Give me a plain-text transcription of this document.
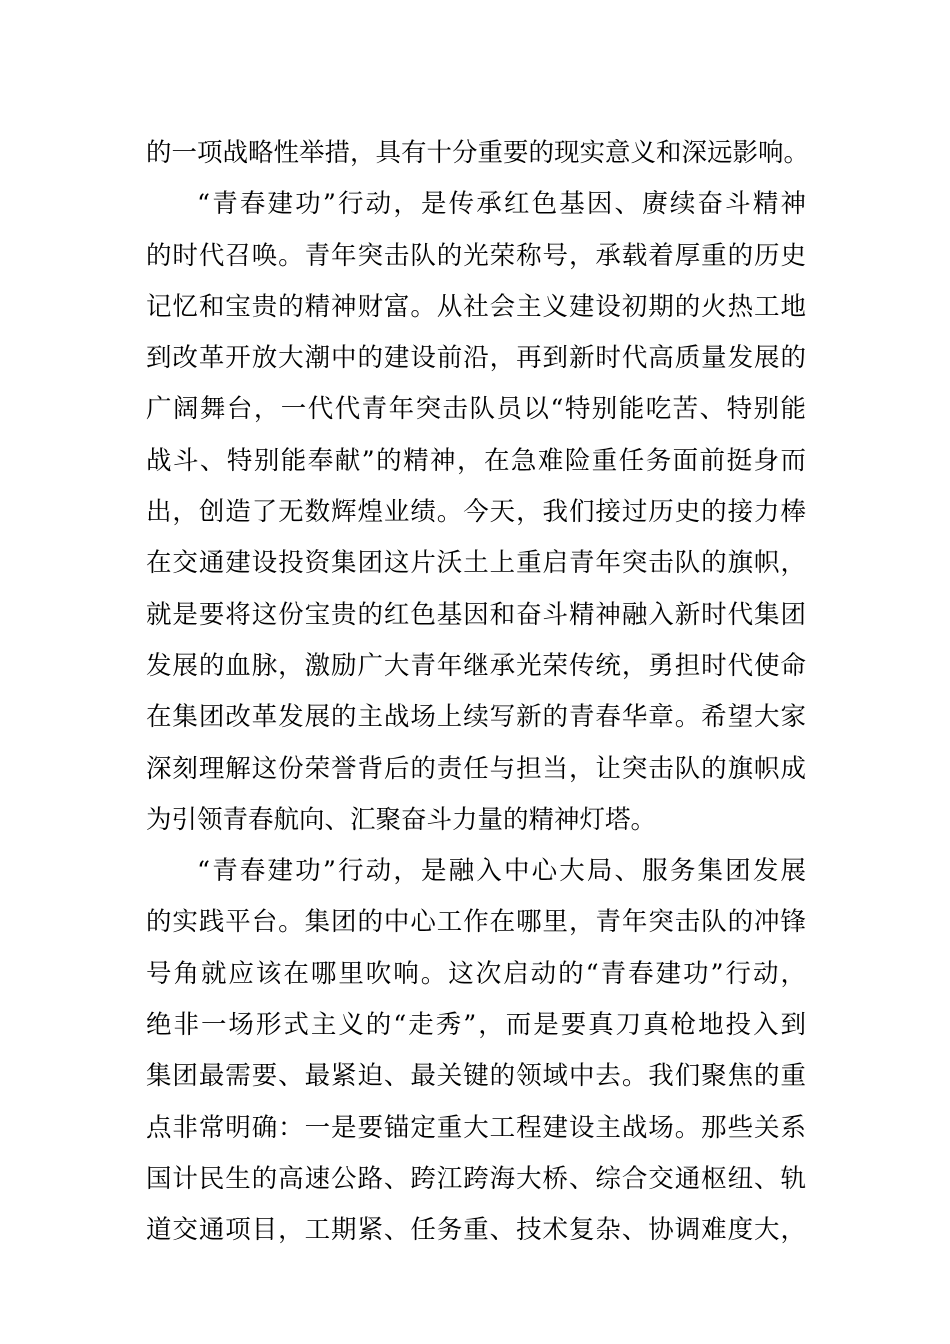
的一项战略性举措，具有十分重要的现实意义和深远影响。
“青春建功”行动，是传承红色基因、赓续奋斗精神
的时代召唤。青年突击队的光荣称号，承载着厚重的历史
记忆和宝贵的精神财富。从社会主义建设初期的火热工地
到改革开放大潮中的建设前沿，再到新时代高质量发展的
广阔舞台，一代代青年突击队员以“特别能吃苦、特别能
战斗、特别能奉献”的精神，在急难险重任务面前挺身而
出，创造了无数辉煌业绩。今天，我们接过历史的接力棒
在交通建设投资集团这片沃土上重启青年突击队的旗帜，
就是要将这份宝贵的红色基因和奋斗精神融入新时代集团
发展的血脉，激励广大青年继承光荣传统，勇担时代使命
在集团改革发展的主战场上续写新的青春华章。希望大家
深刻理解这份荣誉背后的责任与担当，让突击队的旗帜成
为引领青春航向、汇聚奋斗力量的精神灯塔。
“青春建功”行动，是融入中心大局、服务集团发展
的实践平台。集团的中心工作在哪里，青年突击队的冲锋
号角就应该在哪里吹响。这次启动的“青春建功”行动，
绝非一场形式主义的“走秀”，而是要真刀真枪地投入到
集团最需要、最紧迫、最关键的领域中去。我们聚焦的重
点非常明确：一是要锚定重大工程建设主战场。那些关系
国计民生的高速公路、跨江跨海大桥、综合交通枢纽、轨
道交通项目，工期紧、任务重、技术复杂、协调难度大，
